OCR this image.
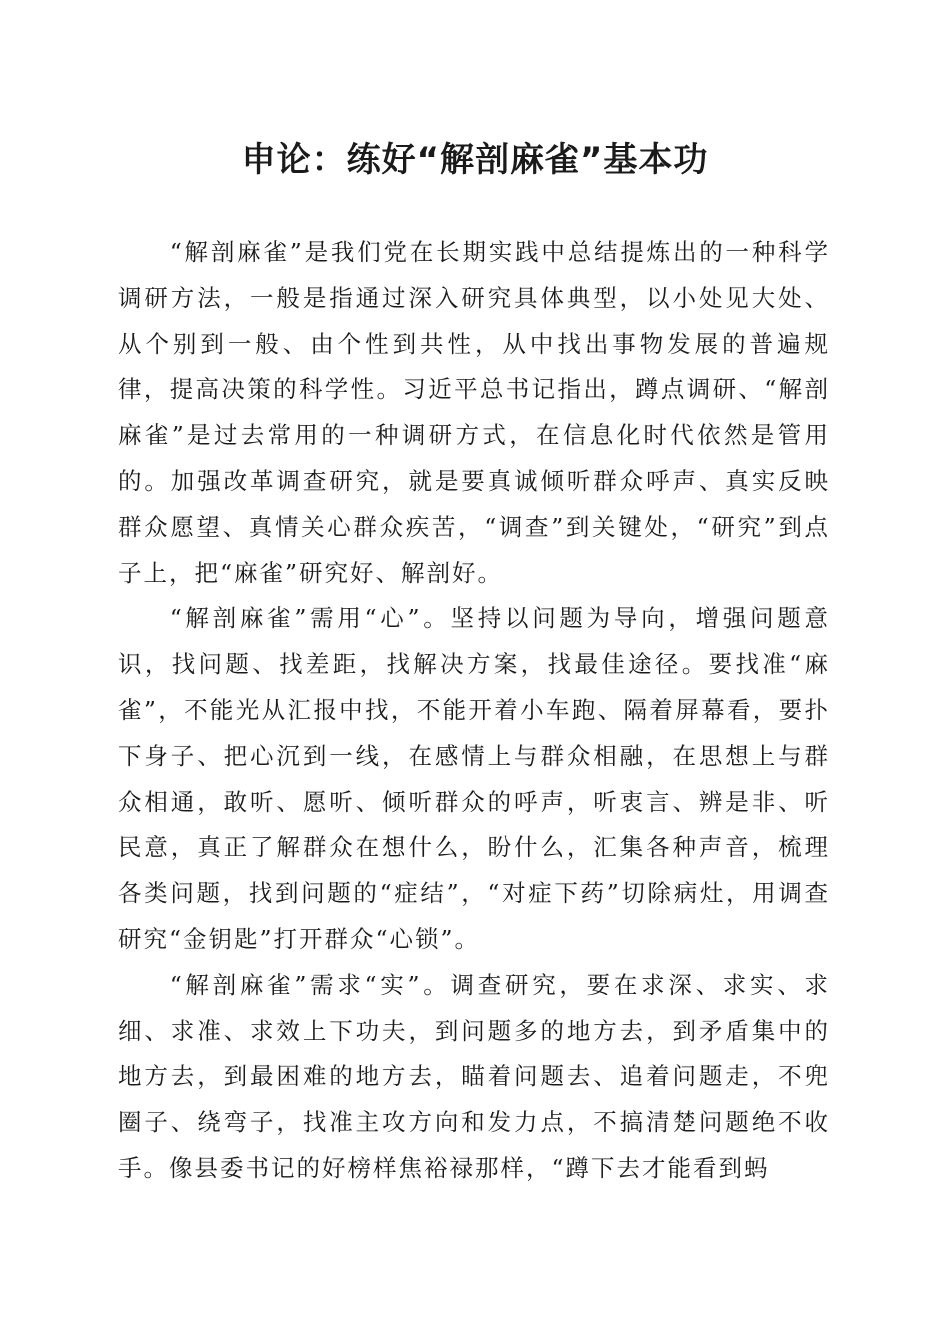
申论：练好“解剖麻雀”基本功

“解剖麻雀”是我们党在长期实践中总结提炼出的一种科学调研方法，一般是指通过深入研究具体典型，以小处见大处、从个别到一般、由个性到共性，从中找出事物发展的普遍规律，提高决策的科学性。习近平总书记指出，蹲点调研、“解剖麻雀”是过去常用的一种调研方式，在信息化时代依然是管用的。加强改革调查研究，就是要真诚倾听群众呼声、真实反映群众愿望、真情关心群众疾苦，“调查”到关键处，“研究”到点子上，把“麻雀”研究好、解剖好。

“解剖麻雀”需用“心”。坚持以问题为导向，增强问题意识，找问题、找差距，找解决方案，找最佳途径。要找准“麻雀”，不能光从汇报中找，不能开着小车跑、隔着屏幕看，要扑下身子、把心沉到一线，在感情上与群众相融，在思想上与群众相通，敢听、愿听、倾听群众的呼声，听衷言、辨是非、听民意，真正了解群众在想什么，盼什么，汇集各种声音，梳理各类问题，找到问题的“症结”，“对症下药”切除病灶，用调查研究“金钥匙”打开群众“心锁”。

“解剖麻雀”需求“实”。调查研究，要在求深、求实、求细、求准、求效上下功夫，到问题多的地方去，到矛盾集中的地方去，到最困难的地方去，瞄着问题去、追着问题走，不兜圈子、绕弯子，找准主攻方向和发力点，不搞清楚问题绝不收手。像县委书记的好榜样焦裕禄那样，“蹲下去才能看到蚂
